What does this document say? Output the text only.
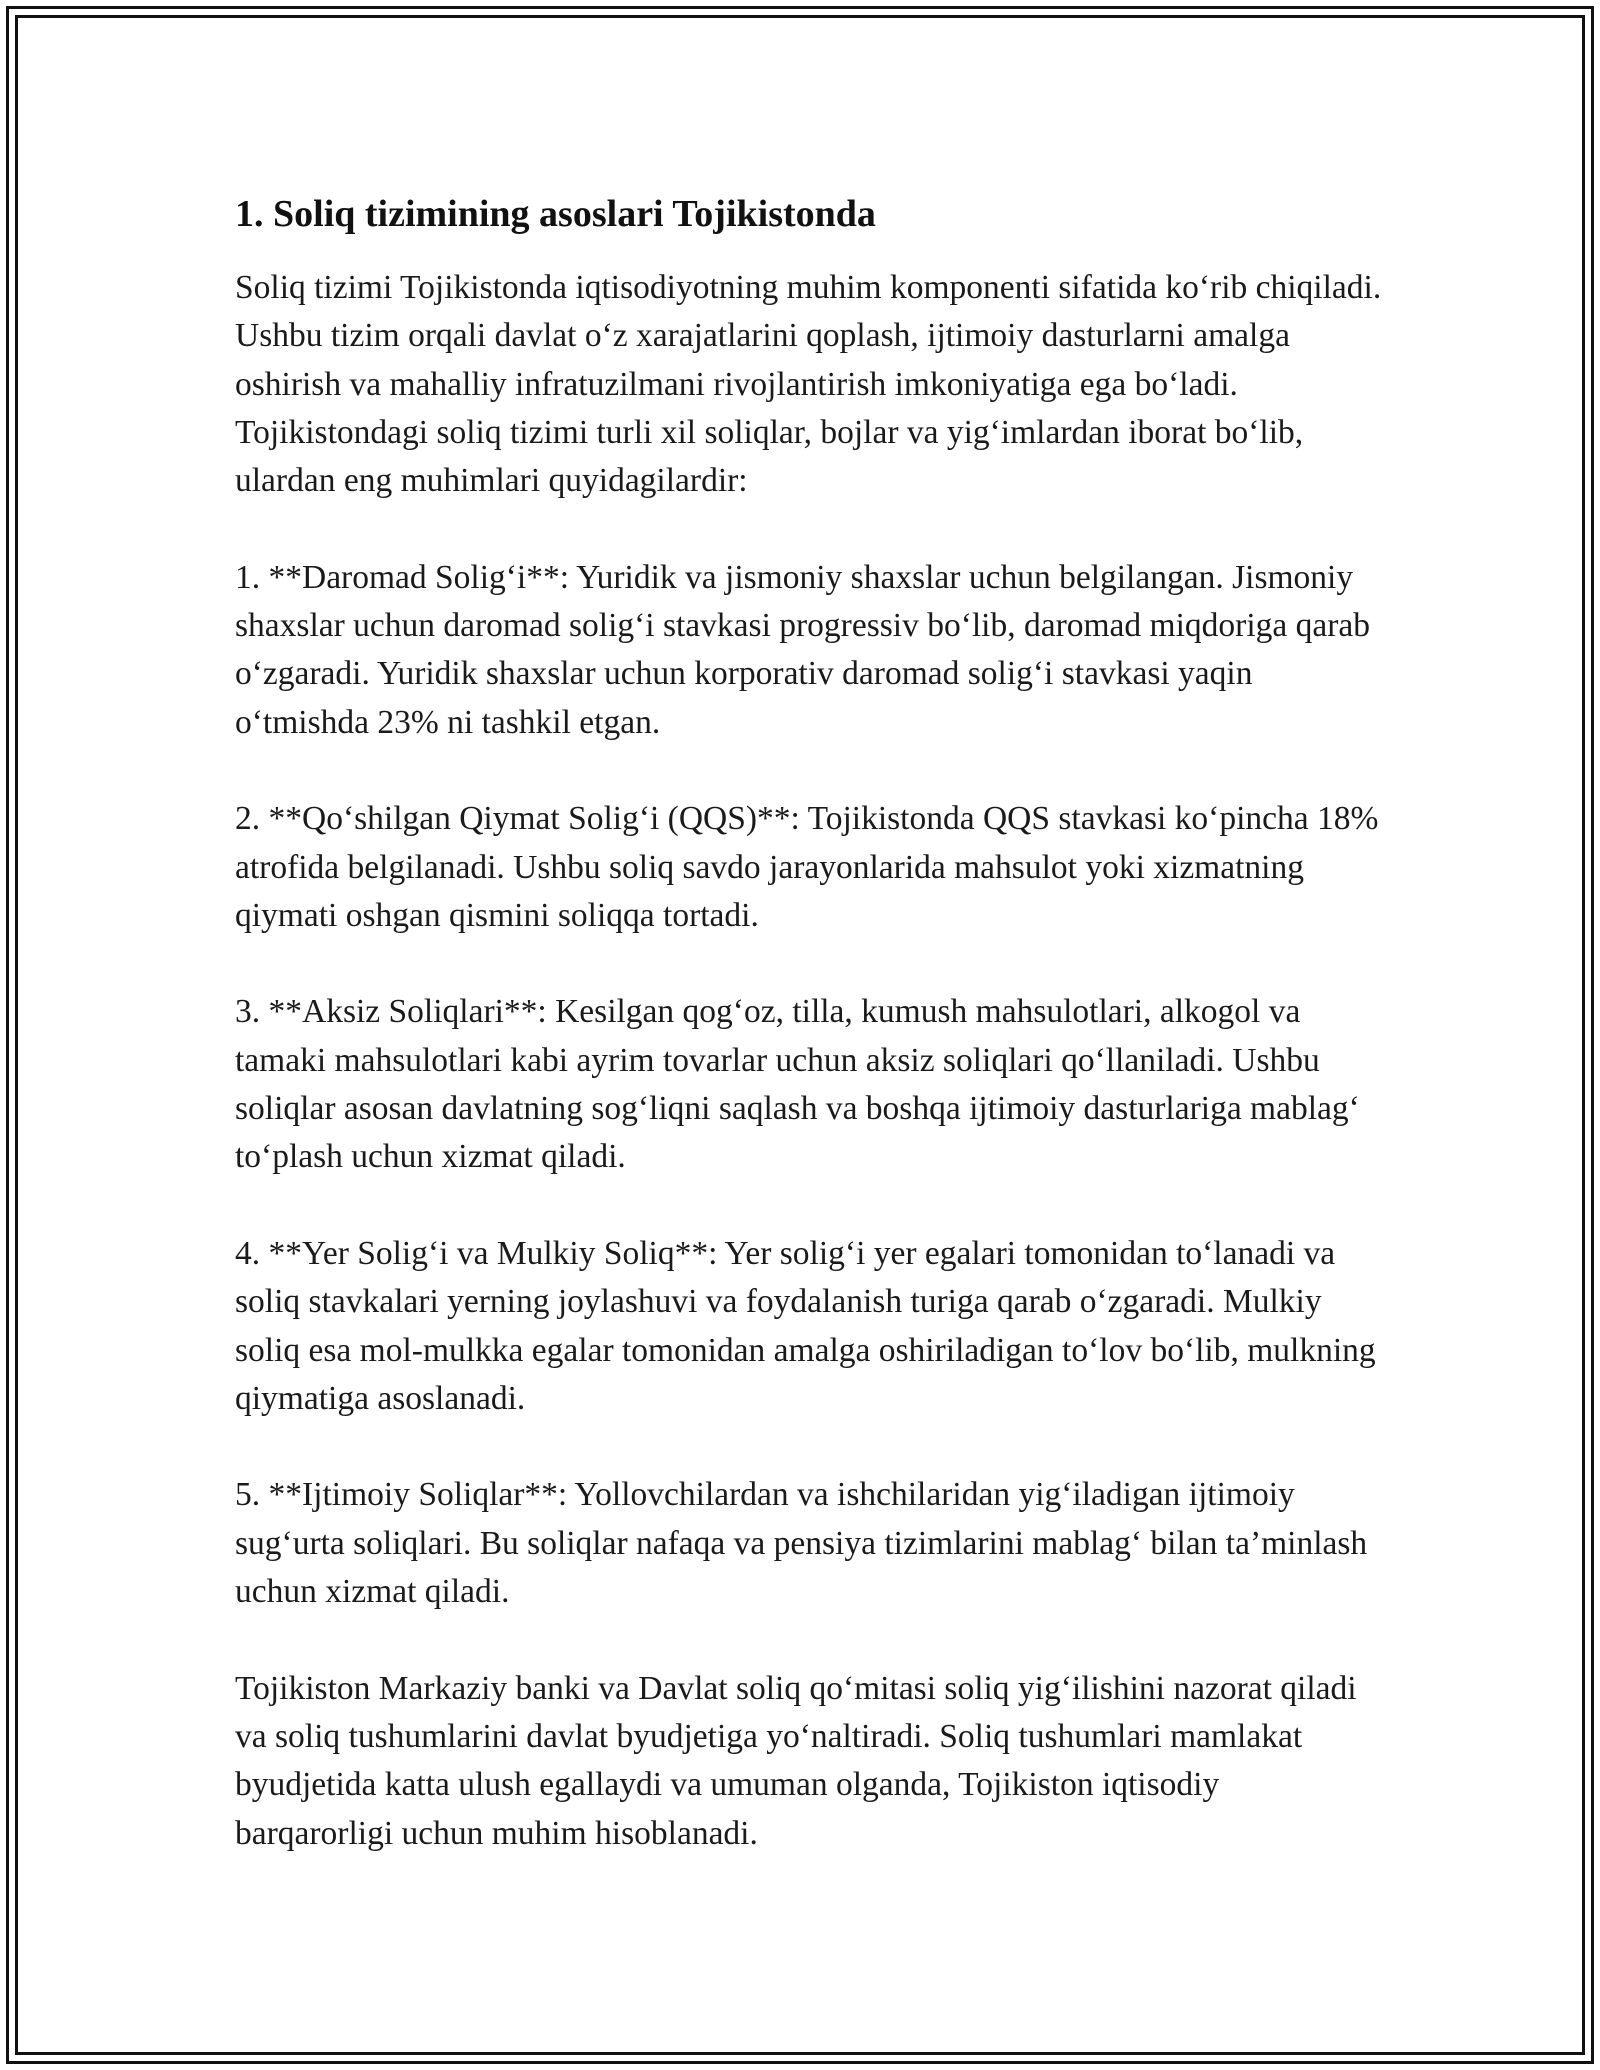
1. Soliq tizimining asoslari Tojikistonda

Soliq tizimi Tojikistonda iqtisodiyotning muhim komponenti sifatida ko‘rib chiqiladi. Ushbu tizim orqali davlat o‘z xarajatlarini qoplash, ijtimoiy dasturlarni amalga oshirish va mahalliy infratuzilmani rivojlantirish imkoniyatiga ega bo‘ladi. Tojikistondagi soliq tizimi turli xil soliqlar, bojlar va yig‘imlardan iborat bo‘lib, ulardan eng muhimlari quyidagilardir:

1. **Daromad Solig‘i**: Yuridik va jismoniy shaxslar uchun belgilangan. Jismoniy shaxslar uchun daromad solig‘i stavkasi progressiv bo‘lib, daromad miqdoriga qarab o‘zgaradi. Yuridik shaxslar uchun korporativ daromad solig‘i stavkasi yaqin o‘tmishda 23% ni tashkil etgan.

2. **Qo‘shilgan Qiymat Solig‘i (QQS)**: Tojikistonda QQS stavkasi ko‘pincha 18% atrofida belgilanadi. Ushbu soliq savdo jarayonlarida mahsulot yoki xizmatning qiymati oshgan qismini soliqqa tortadi.

3. **Aksiz Soliqlari**: Kesilgan qog‘oz, tilla, kumush mahsulotlari, alkogol va tamaki mahsulotlari kabi ayrim tovarlar uchun aksiz soliqlari qo‘llaniladi. Ushbu soliqlar asosan davlatning sog‘liqni saqlash va boshqa ijtimoiy dasturlariga mablag‘ to‘plash uchun xizmat qiladi.

4. **Yer Solig‘i va Mulkiy Soliq**: Yer solig‘i yer egalari tomonidan to‘lanadi va soliq stavkalari yerning joylashuvi va foydalanish turiga qarab o‘zgaradi. Mulkiy soliq esa mol-mulkka egalar tomonidan amalga oshiriladigan to‘lov bo‘lib, mulkning qiymatiga asoslanadi.

5. **Ijtimoiy Soliqlar**: Yollovchilardan va ishchilaridan yig‘iladigan ijtimoiy sug‘urta soliqlari. Bu soliqlar nafaqa va pensiya tizimlarini mablag‘ bilan ta’minlash uchun xizmat qiladi.

Tojikiston Markaziy banki va Davlat soliq qo‘mitasi soliq yig‘ilishini nazorat qiladi va soliq tushumlarini davlat byudjetiga yo‘naltiradi. Soliq tushumlari mamlakat byudjetida katta ulush egallaydi va umuman olganda, Tojikiston iqtisodiy barqarorligi uchun muhim hisoblanadi.
